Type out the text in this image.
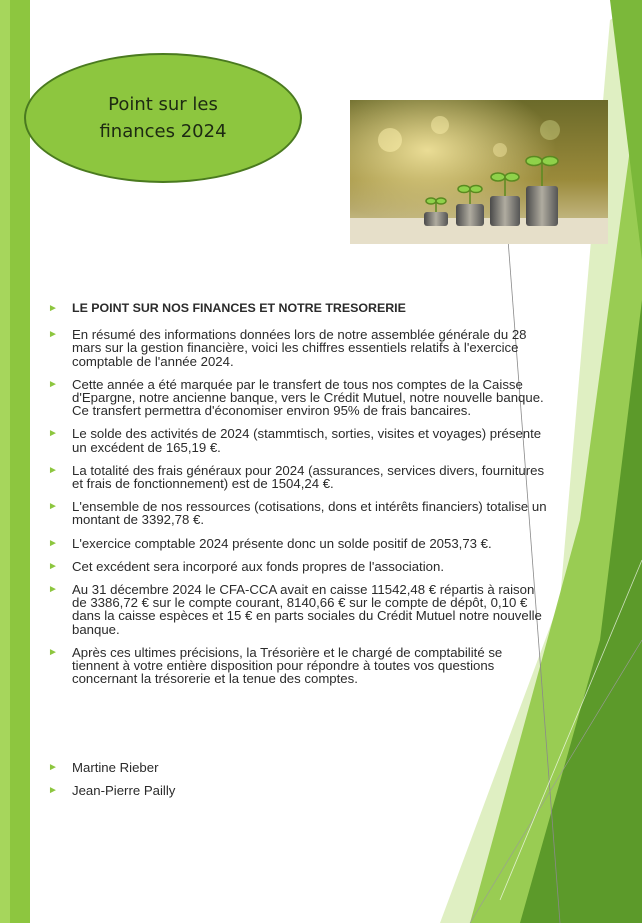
Point sur les finances 2024
► LE POINT SUR NOS FINANCES ET NOTRE TRESORERIE
► En résumé des informations données lors de notre assemblée générale du 28 mars sur la gestion financière, voici les chiffres essentiels relatifs à l'exercice comptable de l'année 2024.
► Cette année a été marquée par le transfert de tous nos comptes de la Caisse d'Epargne, notre ancienne banque, vers le Crédit Mutuel, notre nouvelle banque. Ce transfert permettra d'économiser environ 95% de frais bancaires.
► Le solde des activités de 2024 (stammtisch, sorties, visites et voyages) présente un excédent de 165,19 €.
► La totalité des frais généraux pour 2024 (assurances, services divers, fournitures et frais de fonctionnement) est de 1504,24 €.
► L'ensemble de nos ressources (cotisations, dons et intérêts financiers) totalise un montant de 3392,78 €.
► L'exercice comptable 2024 présente donc un solde positif de 2053,73 €.
► Cet excédent sera incorporé aux fonds propres de l'association.
► Au 31 décembre 2024 le CFA-CCA avait en caisse 11542,48 € répartis à raison de 3386,72 € sur le compte courant, 8140,66 € sur le compte de dépôt, 0,10 € dans la caisse espèces et 15 € en parts sociales du Crédit Mutuel notre nouvelle banque.
► Après ces ultimes précisions, la Trésorière et le chargé de comptabilité se tiennent à votre entière disposition pour répondre à toutes vos questions concernant la trésorerie et la tenue des comptes.
► Martine Rieber
► Jean-Pierre Pailly
